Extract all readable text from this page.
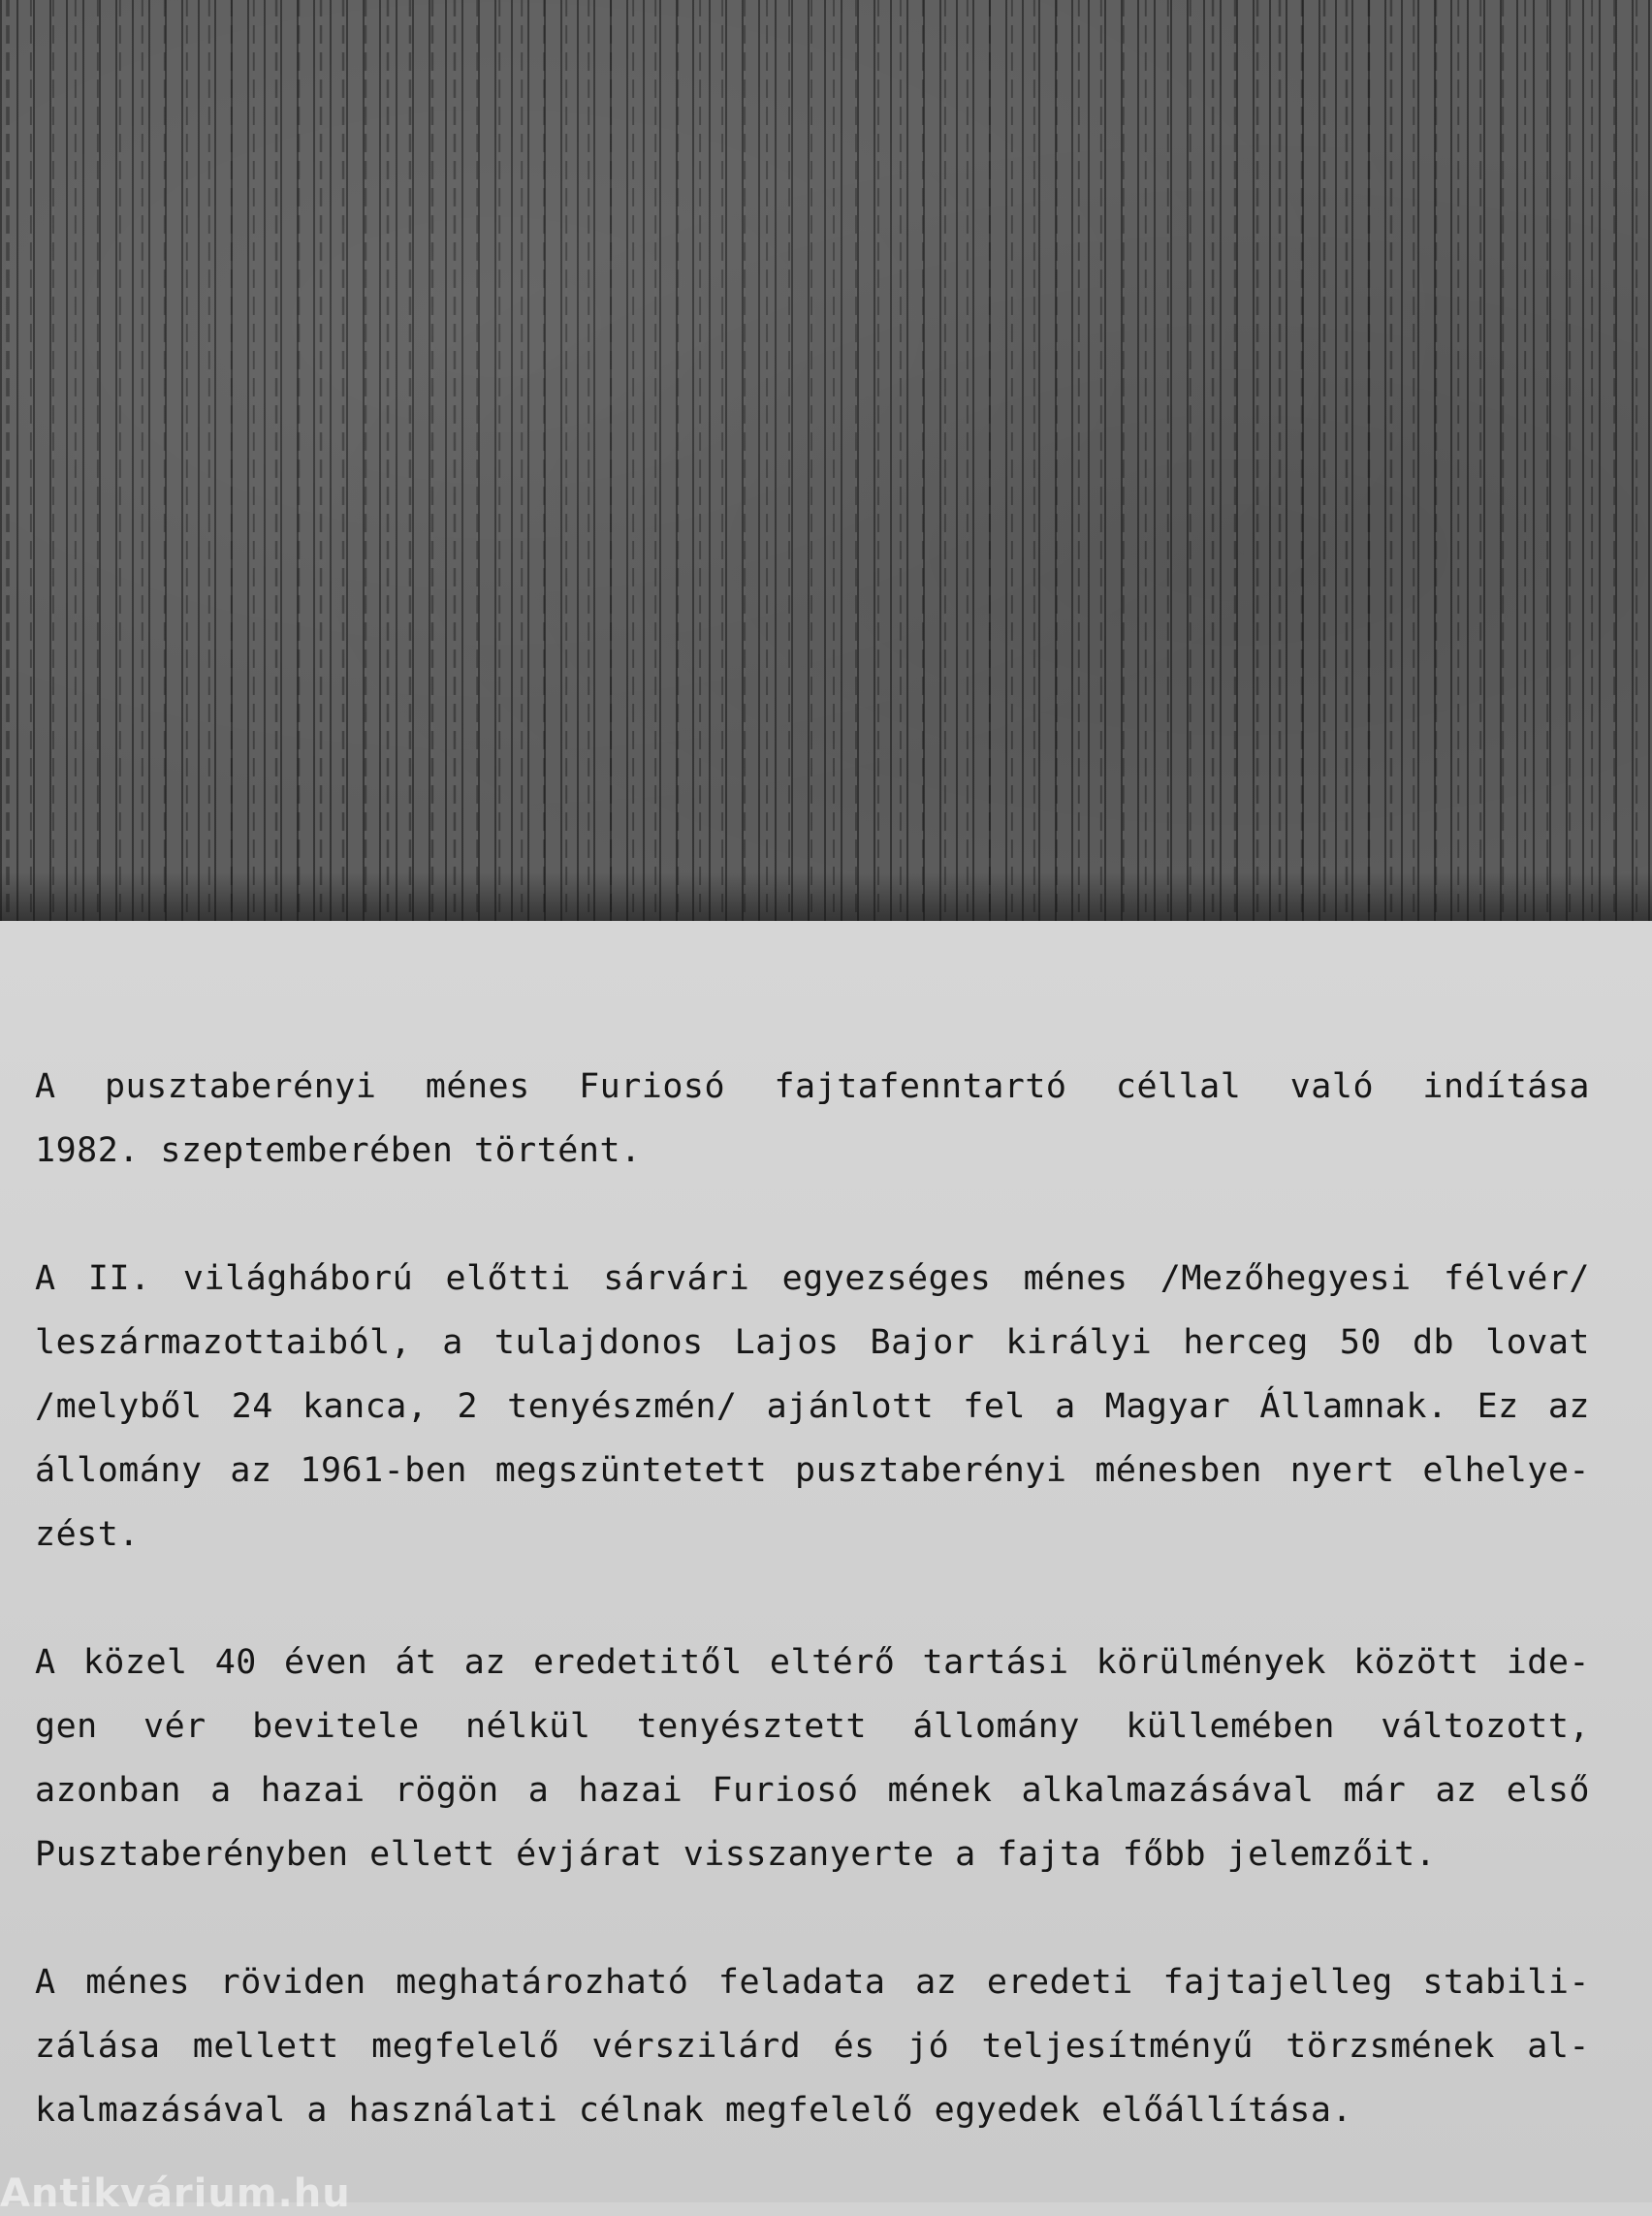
A pusztaberényi ménes Furiosó fajtafenntartó céllal való indítása
1982. szeptemberében történt.
A II. világháború előtti sárvári egyezséges ménes /Mezőhegyesi félvér/
leszármazottaiból, a tulajdonos Lajos Bajor királyi herceg 50 db lovat
/melyből 24 kanca, 2 tenyészmén/ ajánlott fel a Magyar Államnak. Ez az
állomány az 1961-ben megszüntetett pusztaberényi ménesben nyert elhelye-
zést.
A közel 40 éven át az eredetitől eltérő tartási körülmények között ide-
gen vér bevitele nélkül tenyésztett állomány küllemében változott,
azonban a hazai rögön a hazai Furiosó mének alkalmazásával már az első
Pusztaberényben ellett évjárat visszanyerte a fajta főbb jelemzőit.
A ménes röviden meghatározható feladata az eredeti fajtajelleg stabili-
zálása mellett megfelelő vérszilárd és jó teljesítményű törzsmének al-
kalmazásával a használati célnak megfelelő egyedek előállítása.
Antikvárium.hu
